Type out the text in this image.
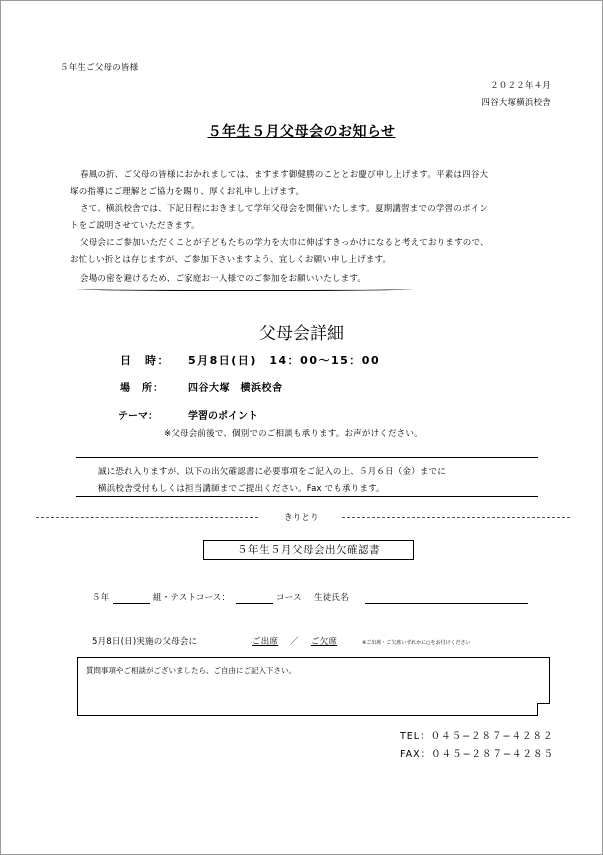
５年生ご父母の皆様
２０２２年４月
四谷大塚横浜校舎
５年生５月父母会のお知らせ
春風の折、ご父母の皆様におかれましては、ますます御健勝のこととお慶び申し上げます。平素は四谷大
塚の指導にご理解とご協力を賜り、厚くお礼申し上げます。
さて、横浜校舎では、下記日程におきまして学年父母会を開催いたします。夏期講習までの学習のポイン
トをご説明させていただきます。
父母会にご参加いただくことが子どもたちの学力を大巾に伸ばすきっかけになると考えておりますので、
お忙しい折とは存じますが、ご参加下さいますよう、宜しくお願い申し上げます。
会場の密を避けるため、ご家庭お一人様でのご参加をお願いいたします。
父母会詳細
日　時： 5月8日(日)　14：00〜15：00
場　所： 四谷大塚　横浜校舎
テーマ：	学習のポイント
※父母会前後で、個別でのご相談も承ります。お声がけください。
誠に恐れ入りますが、以下の出欠確認書に必要事項をご記入の上、５月６日（金）までに
横浜校舎受付もしくは担当講師までご提出ください。Fax でも承ります。
きりとり
５年生５月父母会出欠確認書
５年	組・テストコース：	コース 生徒氏名
5月8日(日)実施の父母会に	ご出席 ／ ご欠席	※ご出席・ご欠席いずれかに○をお付けください
質問事項やご相談がございましたら、ご自由にご記入下さい。
TEL：０４５−２８７−４２８２
FAX：０４５−２８７−４２８５
